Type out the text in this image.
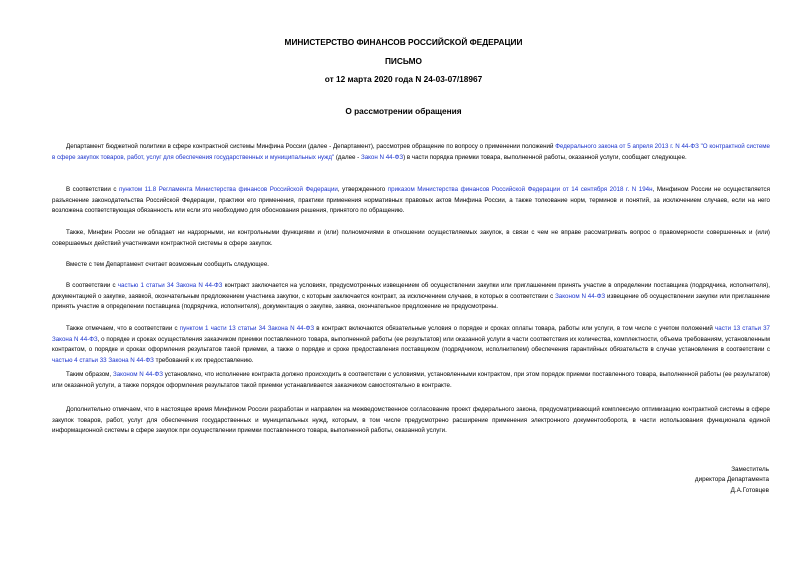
МИНИСТЕРСТВО ФИНАНСОВ РОССИЙСКОЙ ФЕДЕРАЦИИ
ПИСЬМО
от 12 марта 2020 года N 24-03-07/18967
О рассмотрении обращения
Департамент бюджетной политики в сфере контрактной системы Минфина России (далее - Департамент), рассмотрев обращение по вопросу о применении положений Федерального закона от 5 апреля 2013 г. N 44-ФЗ "О контрактной системе в сфере закупок товаров, работ, услуг для обеспечения государственных и муниципальных нужд" (далее - Закон N 44-ФЗ) в части порядка приемки товара, выполненной работы, оказанной услуги, сообщает следующее.
В соответствии с пунктом 11.8 Регламента Министерства финансов Российской Федерации, утвержденного приказом Министерства финансов Российской Федерации от 14 сентября 2018 г. N 194н, Минфином России не осуществляется разъяснение законодательства Российской Федерации, практики его применения, практики применения нормативных правовых актов Минфина России, а также толкование норм, терминов и понятий, за исключением случаев, если на него возложена соответствующая обязанность или если это необходимо для обоснования решения, принятого по обращению.
Также, Минфин России не обладает ни надзорными, ни контрольными функциями и (или) полномочиями в отношении осуществляемых закупок, в связи с чем не вправе рассматривать вопрос о правомерности совершенных и (или) совершаемых действий участниками контрактной системы в сфере закупок.
Вместе с тем Департамент считает возможным сообщить следующее.
В соответствии с частью 1 статьи 34 Закона N 44-ФЗ контракт заключается на условиях, предусмотренных извещением об осуществлении закупки или приглашением принять участие в определении поставщика (подрядчика, исполнителя), документацией о закупке, заявкой, окончательным предложением участника закупки, с которым заключается контракт, за исключением случаев, в которых в соответствии с Законом N 44-ФЗ извещение об осуществлении закупки или приглашение принять участие в определении поставщика (подрядчика, исполнителя), документация о закупке, заявка, окончательное предложение не предусмотрены.
Также отмечаем, что в соответствии с пунктом 1 части 13 статьи 34 Закона N 44-ФЗ в контракт включаются обязательные условия о порядке и сроках оплаты товара, работы или услуги, в том числе с учетом положений части 13 статьи 37 Закона N 44-ФЗ, о порядке и сроках осуществления заказчиком приемки поставленного товара, выполненной работы (ее результатов) или оказанной услуги в части соответствия их количества, комплектности, объема требованиям, установленным контрактом, о порядке и сроках оформления результатов такой приемки, а также о порядке и сроке предоставления поставщиком (подрядчиком, исполнителем) обеспечения гарантийных обязательств в случае установления в соответствии с частью 4 статьи 33 Закона N 44-ФЗ требований к их предоставлению.
Таким образом, Законом N 44-ФЗ установлено, что исполнение контракта должно происходить в соответствии с условиями, установленными контрактом, при этом порядок приемки поставленного товара, выполненной работы (ее результатов) или оказанной услуги, а также порядок оформления результатов такой приемки устанавливается заказчиком самостоятельно в контракте.
Дополнительно отмечаем, что в настоящее время Минфином России разработан и направлен на межведомственное согласование проект федерального закона, предусматривающий комплексную оптимизацию контрактной системы в сфере закупок товаров, работ, услуг для обеспечения государственных и муниципальных нужд, которым, в том числе предусмотрено расширение применения электронного документооборота, в части использования функционала единой информационной системы в сфере закупок при осуществлении приемки поставленного товара, выполненной работы, оказанной услуги.
Заместитель
директора Департамента
Д.А.Готовцев
